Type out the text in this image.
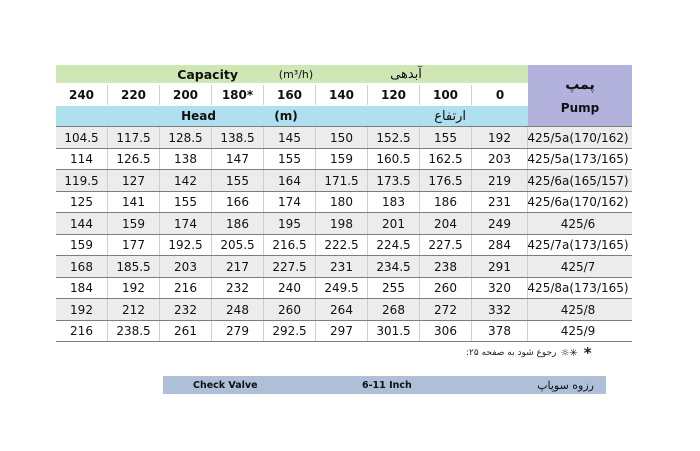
Capacity	(m³/h)	آبدهی
240	220	200	180*	160	140	120	100	0
Head	(m)	ارتفاع
پمپ
Pump
104.5	117.5	128.5	138.5	145	150	152.5	155	192	425/5a(170/162)
114	126.5	138	147	155	159	160.5	162.5	203	425/5a(173/165)
119.5	127	142	155	164	171.5	173.5	176.5	219	425/6a(165/157)
125	141	155	166	174	180	183	186	231	425/6a(170/162)
144	159	174	186	195	198	201	204	249	425/6
159	177	192.5	205.5	216.5	222.5	224.5	227.5	284	425/7a(173/165)
168	185.5	203	217	227.5	231	234.5	238	291	425/7
184	192	216	232	240	249.5	255	260	320	425/8a(173/165)
192	212	232	248	260	264	268	272	332	425/8
216	238.5	261	279	292.5	297	301.5	306	378	425/9
:رجوع شود به صفحه ۲۵ ☼✳ *
Check Valve	6-11 Inch	رزوه سوپاپ
